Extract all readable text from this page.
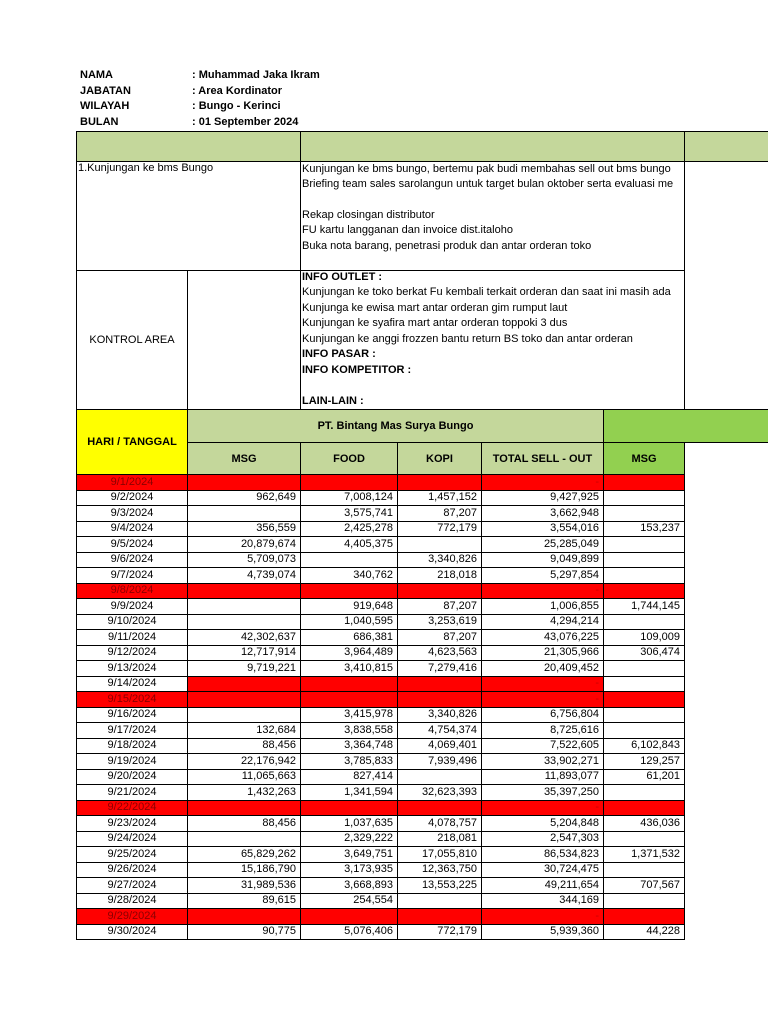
NAMA	: Muhammad Jaka Ikram
JABATAN	: Area Kordinator
WILAYAH	: Bungo - Kerinci
BULAN	: 01 September 2024
1.Kunjungan ke bms Bungo	Kunjungan ke bms bungo, bertemu pak budi membahas sell out bms bungo
Briefing team sales sarolangun untuk target bulan oktober serta evaluasi me
Rekap closingan distributor
FU kartu langganan dan invoice dist.italoho
Buka nota barang, penetrasi produk dan antar orderan toko
KONTROL AREA
INFO OUTLET :
Kunjungan ke toko berkat Fu kembali terkait orderan dan saat ini masih ada
Kunjunga ke ewisa mart antar orderan gim rumput laut
Kunjungan ke syafira mart antar orderan toppoki 3 dus
Kunjungan ke anggi frozzen bantu return BS toko dan antar orderan
INFO PASAR :
INFO KOMPETITOR :
LAIN-LAIN :
HARI / TANGGAL
PT. Bintang Mas Surya Bungo
MSG	FOOD	KOPI	TOTAL SELL - OUT	MSG
9/1/2024				-	
9/2/2024	962,649	7,008,124	1,457,152	9,427,925	
9/3/2024		3,575,741	87,207	3,662,948	
9/4/2024	356,559	2,425,278	772,179	3,554,016	153,237
9/5/2024	20,879,674	4,405,375		25,285,049	
9/6/2024	5,709,073		3,340,826	9,049,899	
9/7/2024	4,739,074	340,762	218,018	5,297,854	
9/8/2024				-	
9/9/2024		919,648	87,207	1,006,855	1,744,145
9/10/2024		1,040,595	3,253,619	4,294,214	
9/11/2024	42,302,637	686,381	87,207	43,076,225	109,009
9/12/2024	12,717,914	3,964,489	4,623,563	21,305,966	306,474
9/13/2024	9,719,221	3,410,815	7,279,416	20,409,452	
9/14/2024				-	
9/15/2024				-	
9/16/2024		3,415,978	3,340,826	6,756,804	
9/17/2024	132,684	3,838,558	4,754,374	8,725,616	
9/18/2024	88,456	3,364,748	4,069,401	7,522,605	6,102,843
9/19/2024	22,176,942	3,785,833	7,939,496	33,902,271	129,257
9/20/2024	11,065,663	827,414		11,893,077	61,201
9/21/2024	1,432,263	1,341,594	32,623,393	35,397,250	
9/22/2024				-	
9/23/2024	88,456	1,037,635	4,078,757	5,204,848	436,036
9/24/2024		2,329,222	218,081	2,547,303	
9/25/2024	65,829,262	3,649,751	17,055,810	86,534,823	1,371,532
9/26/2024	15,186,790	3,173,935	12,363,750	30,724,475	
9/27/2024	31,989,536	3,668,893	13,553,225	49,211,654	707,567
9/28/2024	89,615	254,554		344,169	
9/29/2024				-	
9/30/2024	90,775	5,076,406	772,179	5,939,360	44,228
